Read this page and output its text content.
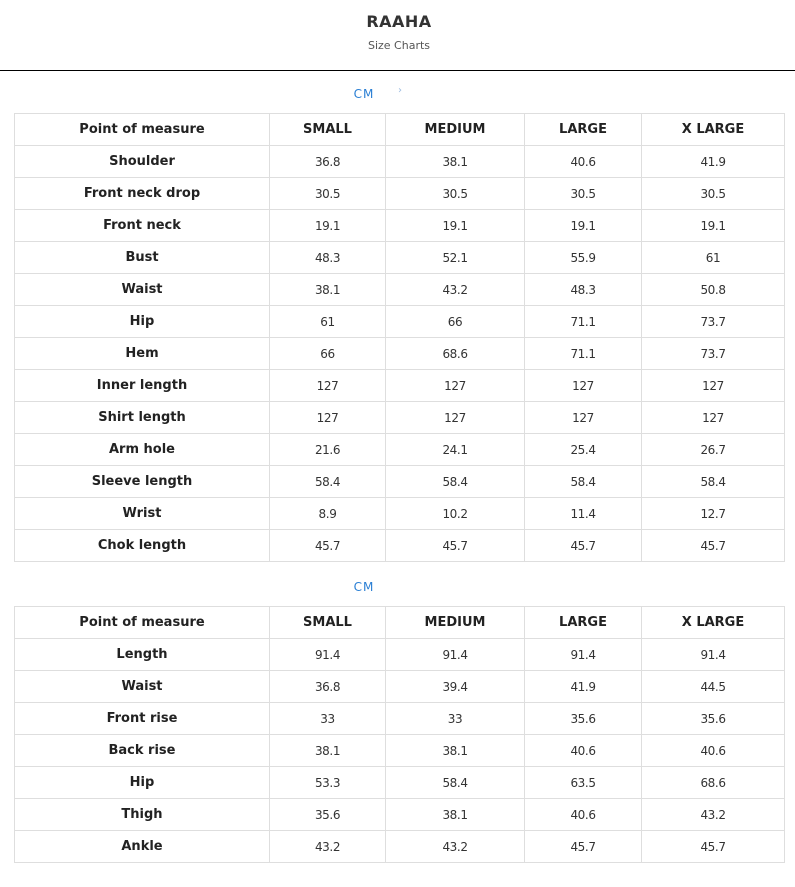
RAAHA
Size Charts
CM	›
Point of measure	SMALL	MEDIUM	LARGE	X LARGE
Shoulder	36.8	38.1	40.6	41.9
Front neck drop	30.5	30.5	30.5	30.5
Front neck	19.1	19.1	19.1	19.1
Bust	48.3	52.1	55.9	61
Waist	38.1	43.2	48.3	50.8
Hip	61	66	71.1	73.7
Hem	66	68.6	71.1	73.7
Inner length	127	127	127	127
Shirt length	127	127	127	127
Arm hole	21.6	24.1	25.4	26.7
Sleeve length	58.4	58.4	58.4	58.4
Wrist	8.9	10.2	11.4	12.7
Chok length	45.7	45.7	45.7	45.7
CM
Point of measure	SMALL	MEDIUM	LARGE	X LARGE
Length	91.4	91.4	91.4	91.4
Waist	36.8	39.4	41.9	44.5
Front rise	33	33	35.6	35.6
Back rise	38.1	38.1	40.6	40.6
Hip	53.3	58.4	63.5	68.6
Thigh	35.6	38.1	40.6	43.2
Ankle	43.2	43.2	45.7	45.7
